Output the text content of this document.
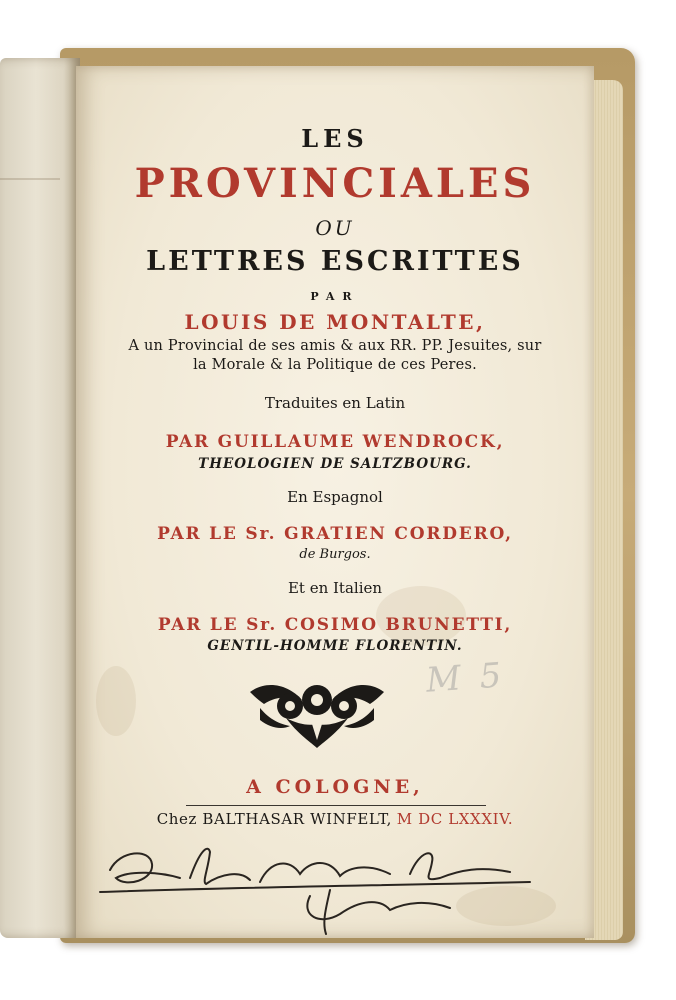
LES
PROVINCIALES
OU
LETTRES ESCRITTES
PAR
LOUIS DE MONTALTE,
A un Provincial de ses amis & aux RR. PP. Jesuites, sur
la Morale & la Politique de ces Peres.
Traduites en Latin
PAR GUILLAUME WENDROCK,
THEOLOGIEN DE SALTZBOURG.
En Espagnol
PAR LE Sr. GRATIEN CORDERO,
de Burgos.
Et en Italien
PAR LE Sr. COSIMO BRUNETTI,
GENTIL-HOMME FLORENTIN.
M 5
A COLOGNE,
Chez BALTHASAR WINFELT, M DC LXXXIV.
